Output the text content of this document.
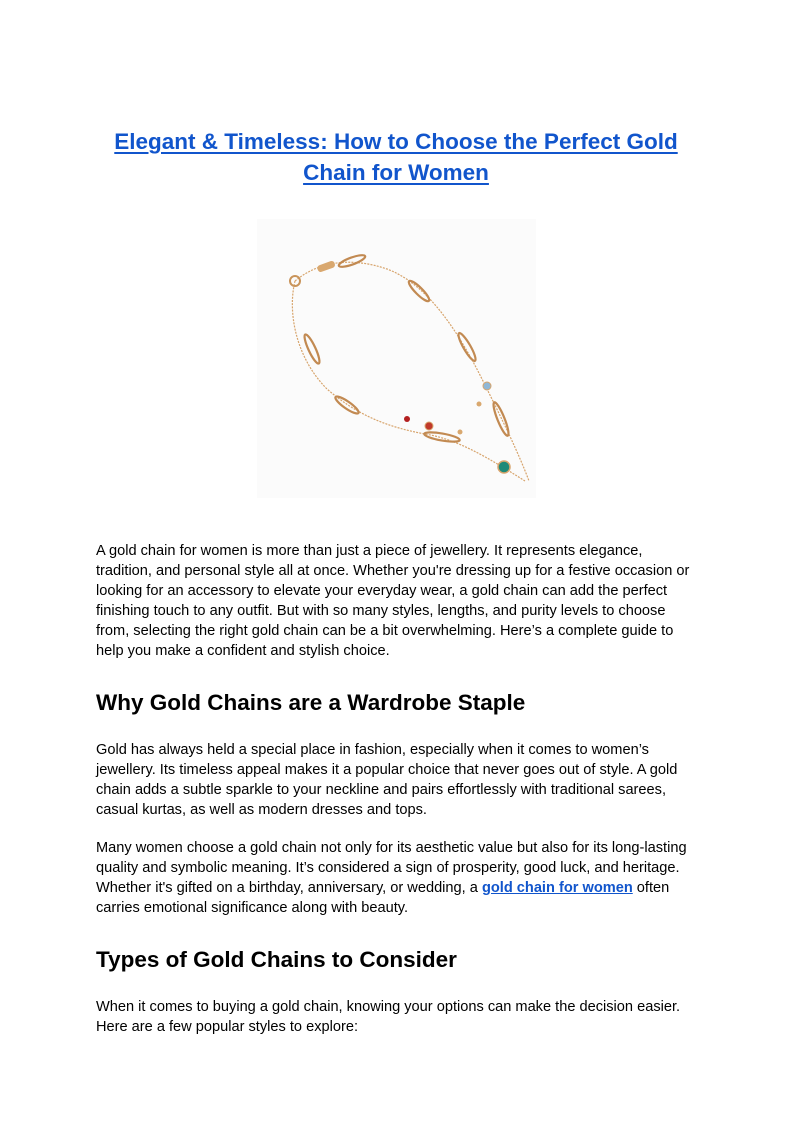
Elegant & Timeless: How to Choose the Perfect Gold
Chain for Women

A gold chain for women is more than just a piece of jewellery. It represents elegance, tradition, and personal style all at once. Whether you're dressing up for a festive occasion or looking for an accessory to elevate your everyday wear, a gold chain can add the perfect finishing touch to any outfit. But with so many styles, lengths, and purity levels to choose from, selecting the right gold chain can be a bit overwhelming. Here’s a complete guide to help you make a confident and stylish choice.

Why Gold Chains are a Wardrobe Staple

Gold has always held a special place in fashion, especially when it comes to women’s jewellery. Its timeless appeal makes it a popular choice that never goes out of style. A gold chain adds a subtle sparkle to your neckline and pairs effortlessly with traditional sarees, casual kurtas, as well as modern dresses and tops.

Many women choose a gold chain not only for its aesthetic value but also for its long-lasting quality and symbolic meaning. It’s considered a sign of prosperity, good luck, and heritage. Whether it's gifted on a birthday, anniversary, or wedding, a gold chain for women often carries emotional significance along with beauty.

Types of Gold Chains to Consider

When it comes to buying a gold chain, knowing your options can make the decision easier. Here are a few popular styles to explore:
